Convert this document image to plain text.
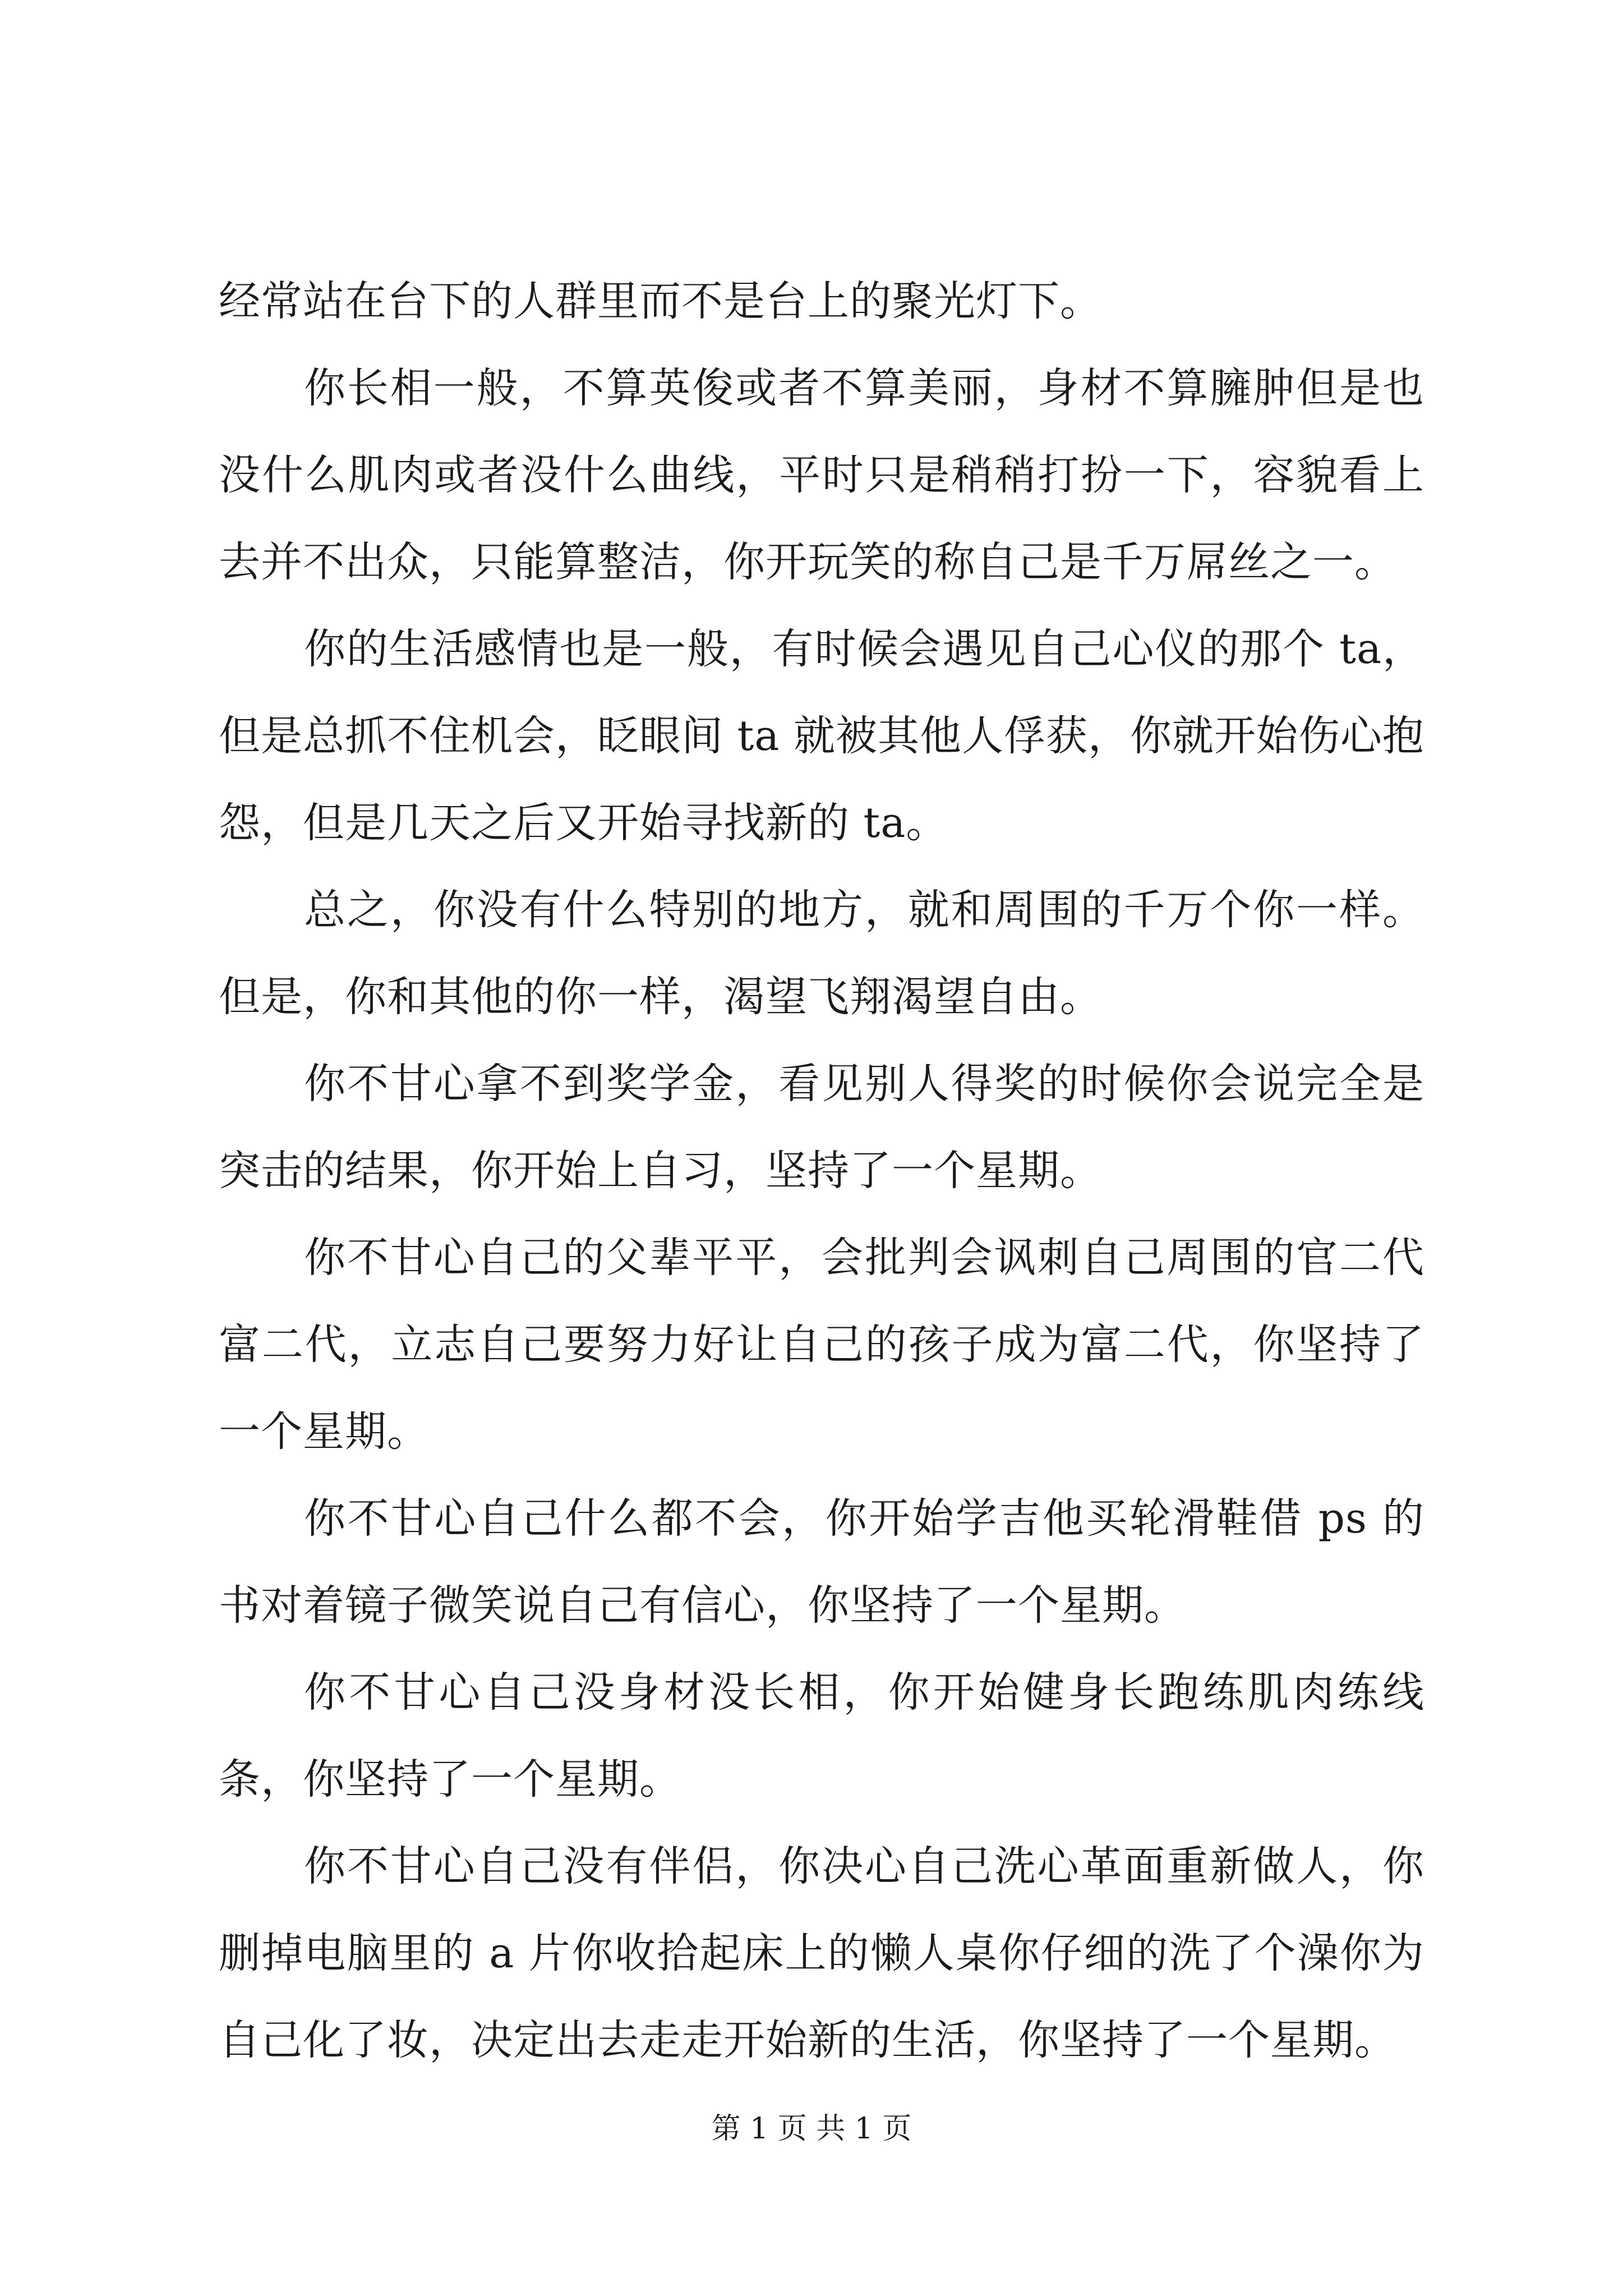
经常站在台下的人群里而不是台上的聚光灯下。

你长相一般，不算英俊或者不算美丽，身材不算臃肿但是也没什么肌肉或者没什么曲线，平时只是稍稍打扮一下，容貌看上去并不出众，只能算整洁，你开玩笑的称自己是千万屌丝之一。

你的生活感情也是一般，有时候会遇见自己心仪的那个 ta，但是总抓不住机会，眨眼间 ta 就被其他人俘获，你就开始伤心抱怨，但是几天之后又开始寻找新的 ta。

总之，你没有什么特别的地方，就和周围的千万个你一样。但是，你和其他的你一样，渴望飞翔渴望自由。

你不甘心拿不到奖学金，看见别人得奖的时候你会说完全是突击的结果，你开始上自习，坚持了一个星期。

你不甘心自己的父辈平平，会批判会讽刺自己周围的官二代富二代，立志自己要努力好让自己的孩子成为富二代，你坚持了一个星期。

你不甘心自己什么都不会，你开始学吉他买轮滑鞋借 ps 的书对着镜子微笑说自己有信心，你坚持了一个星期。

你不甘心自己没身材没长相，你开始健身长跑练肌肉练线条，你坚持了一个星期。

你不甘心自己没有伴侣，你决心自己洗心革面重新做人，你删掉电脑里的 a 片你收拾起床上的懒人桌你仔细的洗了个澡你为自己化了妆，决定出去走走开始新的生活，你坚持了一个星期。

第 1 页 共 1 页
